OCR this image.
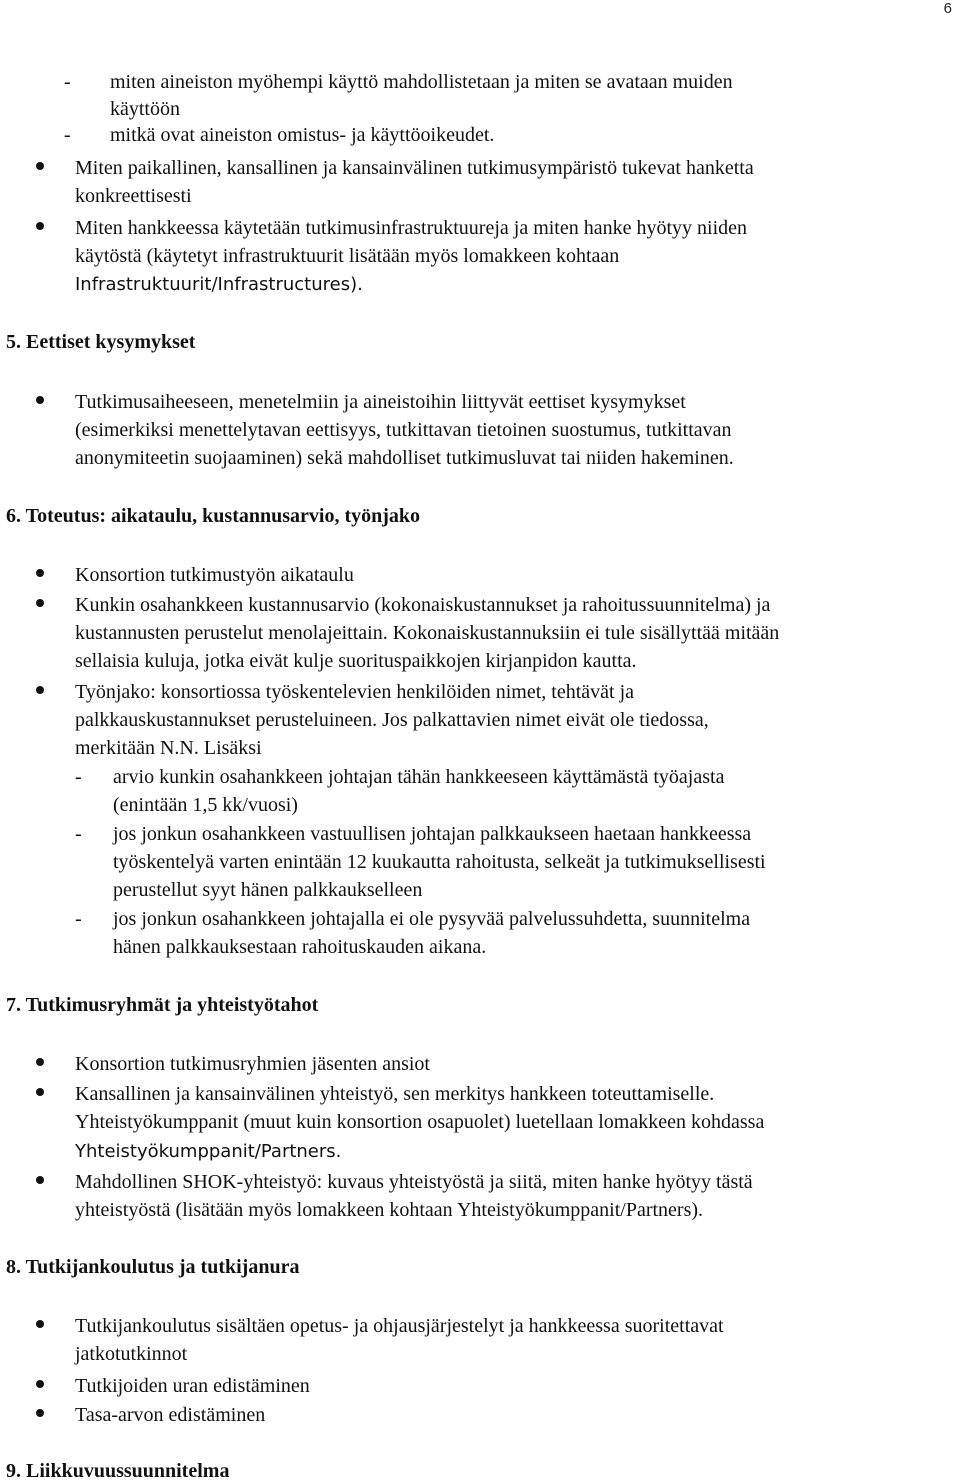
6
- miten aineiston myöhempi käyttö mahdollistetaan ja miten se avataan muiden
käyttöön
- mitkä ovat aineiston omistus- ja käyttöoikeudet.
Miten paikallinen, kansallinen ja kansainvälinen tutkimusympäristö tukevat hanketta
konkreettisesti
Miten hankkeessa käytetään tutkimusinfrastruktuureja ja miten hanke hyötyy niiden
käytöstä (käytetyt infrastruktuurit lisätään myös lomakkeen kohtaan
Infrastruktuurit/Infrastructures).
5. Eettiset kysymykset
Tutkimusaiheeseen, menetelmiin ja aineistoihin liittyvät eettiset kysymykset
(esimerkiksi menettelytavan eettisyys, tutkittavan tietoinen suostumus, tutkittavan
anonymiteetin suojaaminen) sekä mahdolliset tutkimusluvat tai niiden hakeminen.
6. Toteutus: aikataulu, kustannusarvio, työnjako
Konsortion tutkimustyön aikataulu
Kunkin osahankkeen kustannusarvio (kokonaiskustannukset ja rahoitussuunnitelma) ja
kustannusten perustelut menolajeittain. Kokonaiskustannuksiin ei tule sisällyttää mitään
sellaisia kuluja, jotka eivät kulje suorituspaikkojen kirjanpidon kautta.
Työnjako: konsortiossa työskentelevien henkilöiden nimet, tehtävät ja
palkkauskustannukset perusteluineen. Jos palkattavien nimet eivät ole tiedossa,
merkitään N.N. Lisäksi
- arvio kunkin osahankkeen johtajan tähän hankkeeseen käyttämästä työajasta
(enintään 1,5 kk/vuosi)
- jos jonkun osahankkeen vastuullisen johtajan palkkaukseen haetaan hankkeessa
työskentelyä varten enintään 12 kuukautta rahoitusta, selkeät ja tutkimuksellisesti
perustellut syyt hänen palkkaukselleen
- jos jonkun osahankkeen johtajalla ei ole pysyvää palvelussuhdetta, suunnitelma
hänen palkkauksestaan rahoituskauden aikana.
7. Tutkimusryhmät ja yhteistyötahot
Konsortion tutkimusryhmien jäsenten ansiot
Kansallinen ja kansainvälinen yhteistyö, sen merkitys hankkeen toteuttamiselle.
Yhteistyökumppanit (muut kuin konsortion osapuolet) luetellaan lomakkeen kohdassa
Yhteistyökumppanit/Partners.
Mahdollinen SHOK-yhteistyö: kuvaus yhteistyöstä ja siitä, miten hanke hyötyy tästä
yhteistyöstä (lisätään myös lomakkeen kohtaan Yhteistyökumppanit/Partners).
8. Tutkijankoulutus ja tutkijanura
Tutkijankoulutus sisältäen opetus- ja ohjausjärjestelyt ja hankkeessa suoritettavat
jatkotutkinnot
Tutkijoiden uran edistäminen
Tasa-arvon edistäminen
9. Liikkuvuussuunnitelma
